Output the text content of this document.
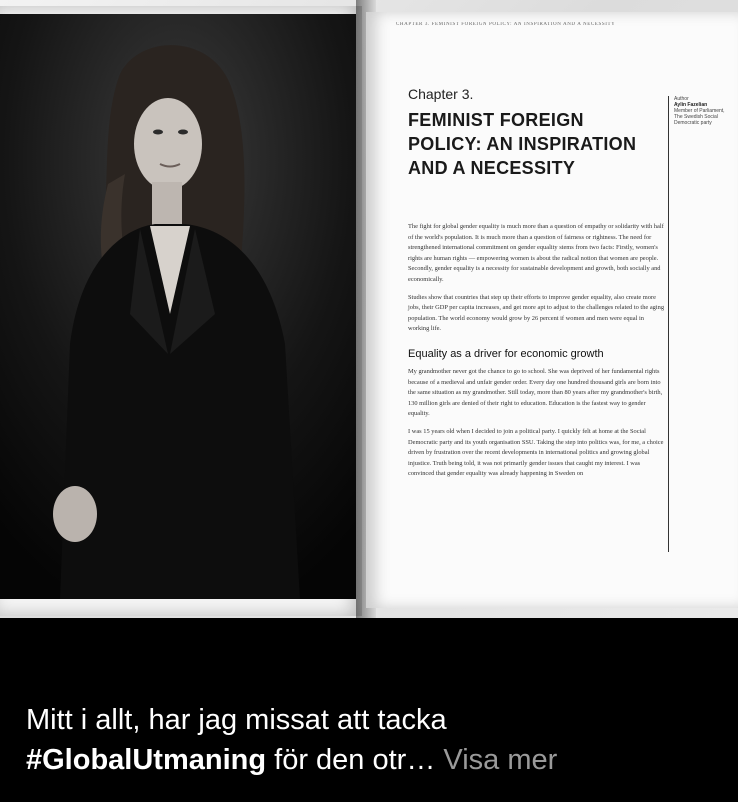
CHAPTER 3. FEMINIST FOREIGN POLICY: AN INSPIRATION AND A NECESSITY
Chapter 3.
FEMINIST FOREIGN POLICY: AN INSPIRATION AND A NECESSITY
Author
Aylin Fazelian
Member of Parliament, The Swedish Social Democratic party

The fight for global gender equality is much more than a question of empathy or solidarity with half of the world's population. It is much more than a question of fairness or rightness. The need for strengthened international commitment on gender equality stems from two facts: Firstly, women's rights are human rights — empowering women is about the radical notion that women are people. Secondly, gender equality is a necessity for sustainable development and growth, both socially and economically.

Studies show that countries that step up their efforts to improve gender equality, also create more jobs, their GDP per capita increases, and get more apt to adjust to the challenges related to the aging population. The world economy would grow by 26 percent if women and men were equal in working life.

Equality as a driver for economic growth

My grandmother never got the chance to go to school. She was deprived of her fundamental rights because of a medieval and unfair gender order. Every day one hundred thousand girls are born into the same situation as my grandmother. Still today, more than 80 years after my grandmother's birth, 130 million girls are denied of their right to education. Education is the fastest way to gender equality.

I was 15 years old when I decided to join a political party. I quickly felt at home at the Social Democratic party and its youth organisation SSU. Taking the step into politics was, for me, a choice driven by frustration over the recent developments in international politics and growing global injustice. Truth being told, it was not primarily gender issues that caught my interest. I was convinced that gender equality was already happening in Sweden on

Mitt i allt, har jag missat att tacka
#GlobalUtmaning för den otr… Visa mer
